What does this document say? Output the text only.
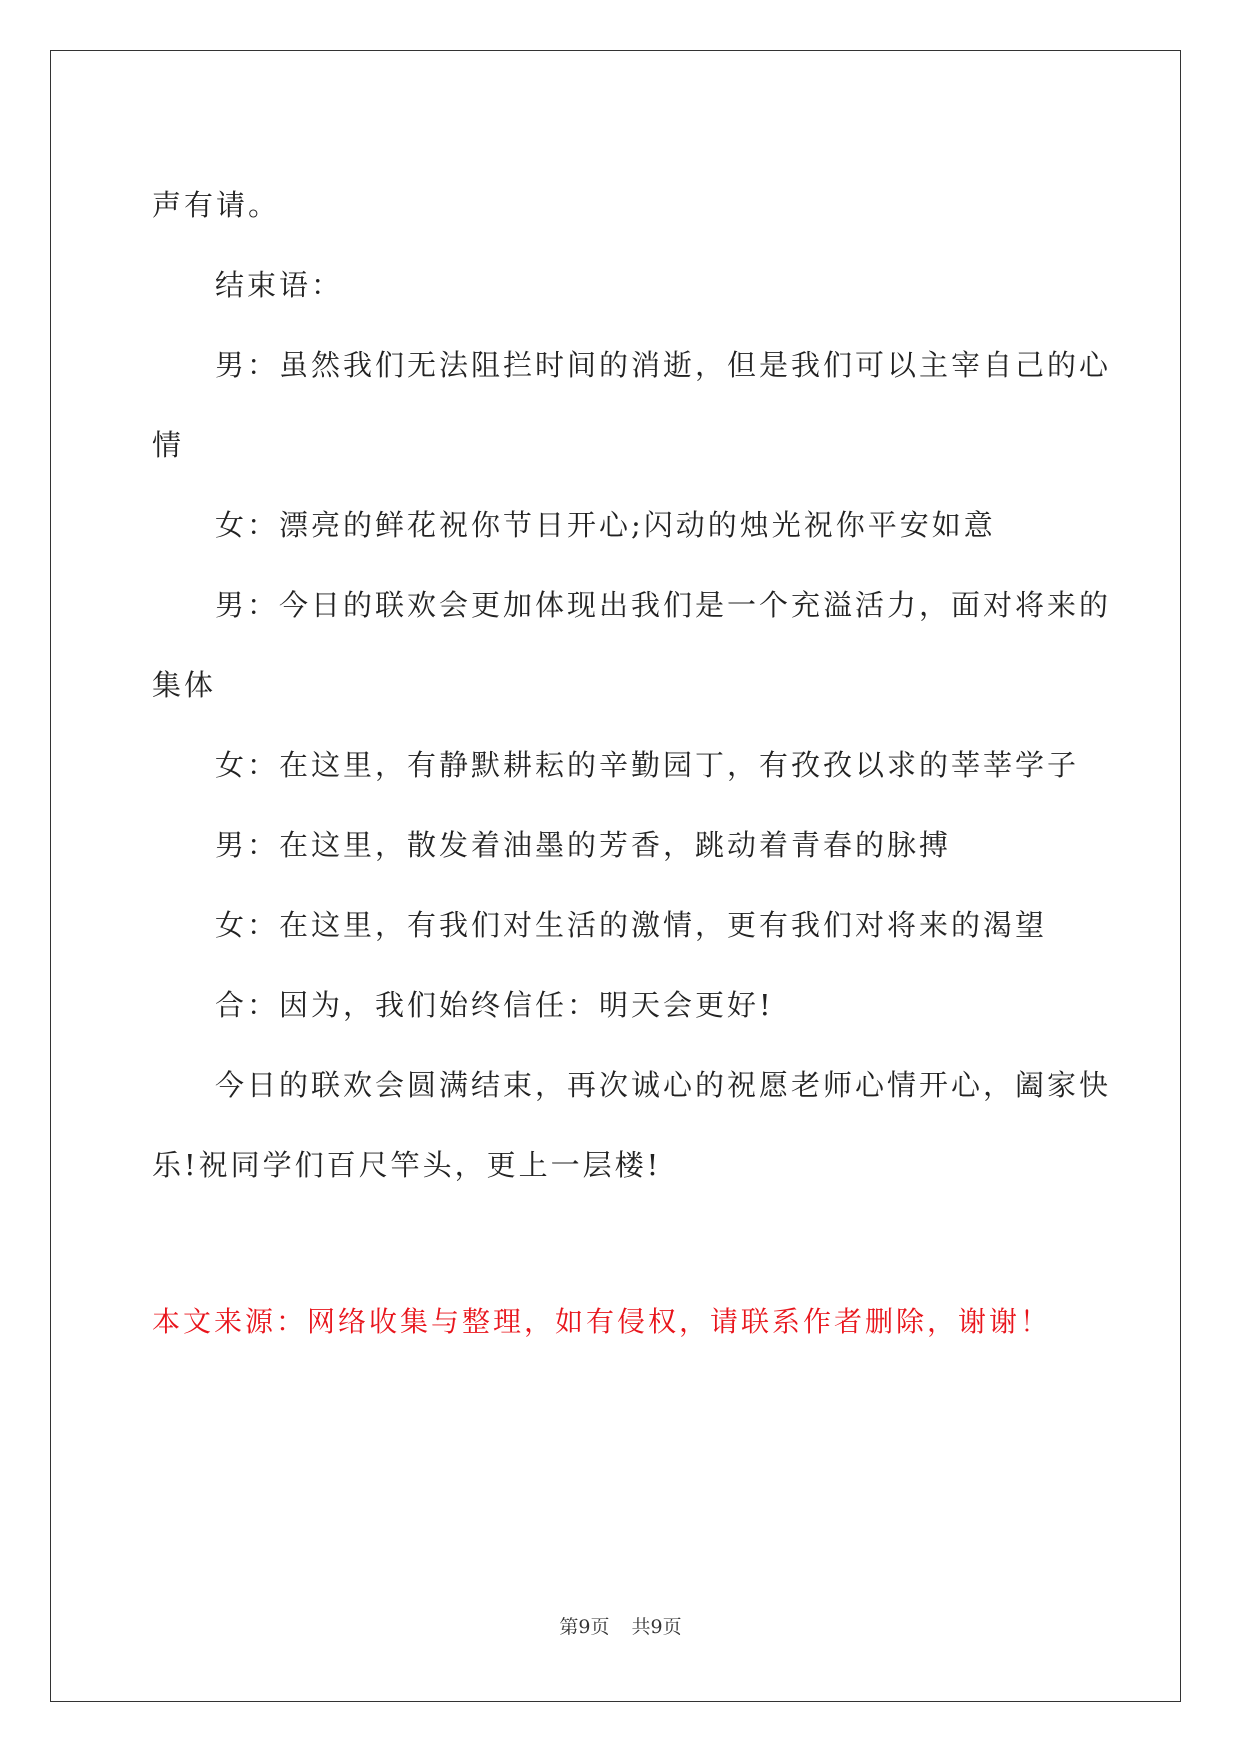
声有请。

结束语：

男：虽然我们无法阻拦时间的消逝，但是我们可以主宰自己的心

情

女：漂亮的鲜花祝你节日开心;闪动的烛光祝你平安如意

男：今日的联欢会更加体现出我们是一个充溢活力，面对将来的

集体

女：在这里，有静默耕耘的辛勤园丁，有孜孜以求的莘莘学子

男：在这里，散发着油墨的芳香，跳动着青春的脉搏

女：在这里，有我们对生活的激情，更有我们对将来的渴望

合：因为，我们始终信任：明天会更好!

今日的联欢会圆满结束，再次诚心的祝愿老师心情开心，阖家快

乐!祝同学们百尺竿头，更上一层楼!

本文来源：网络收集与整理，如有侵权，请联系作者删除，谢谢！
第9页 共9页
